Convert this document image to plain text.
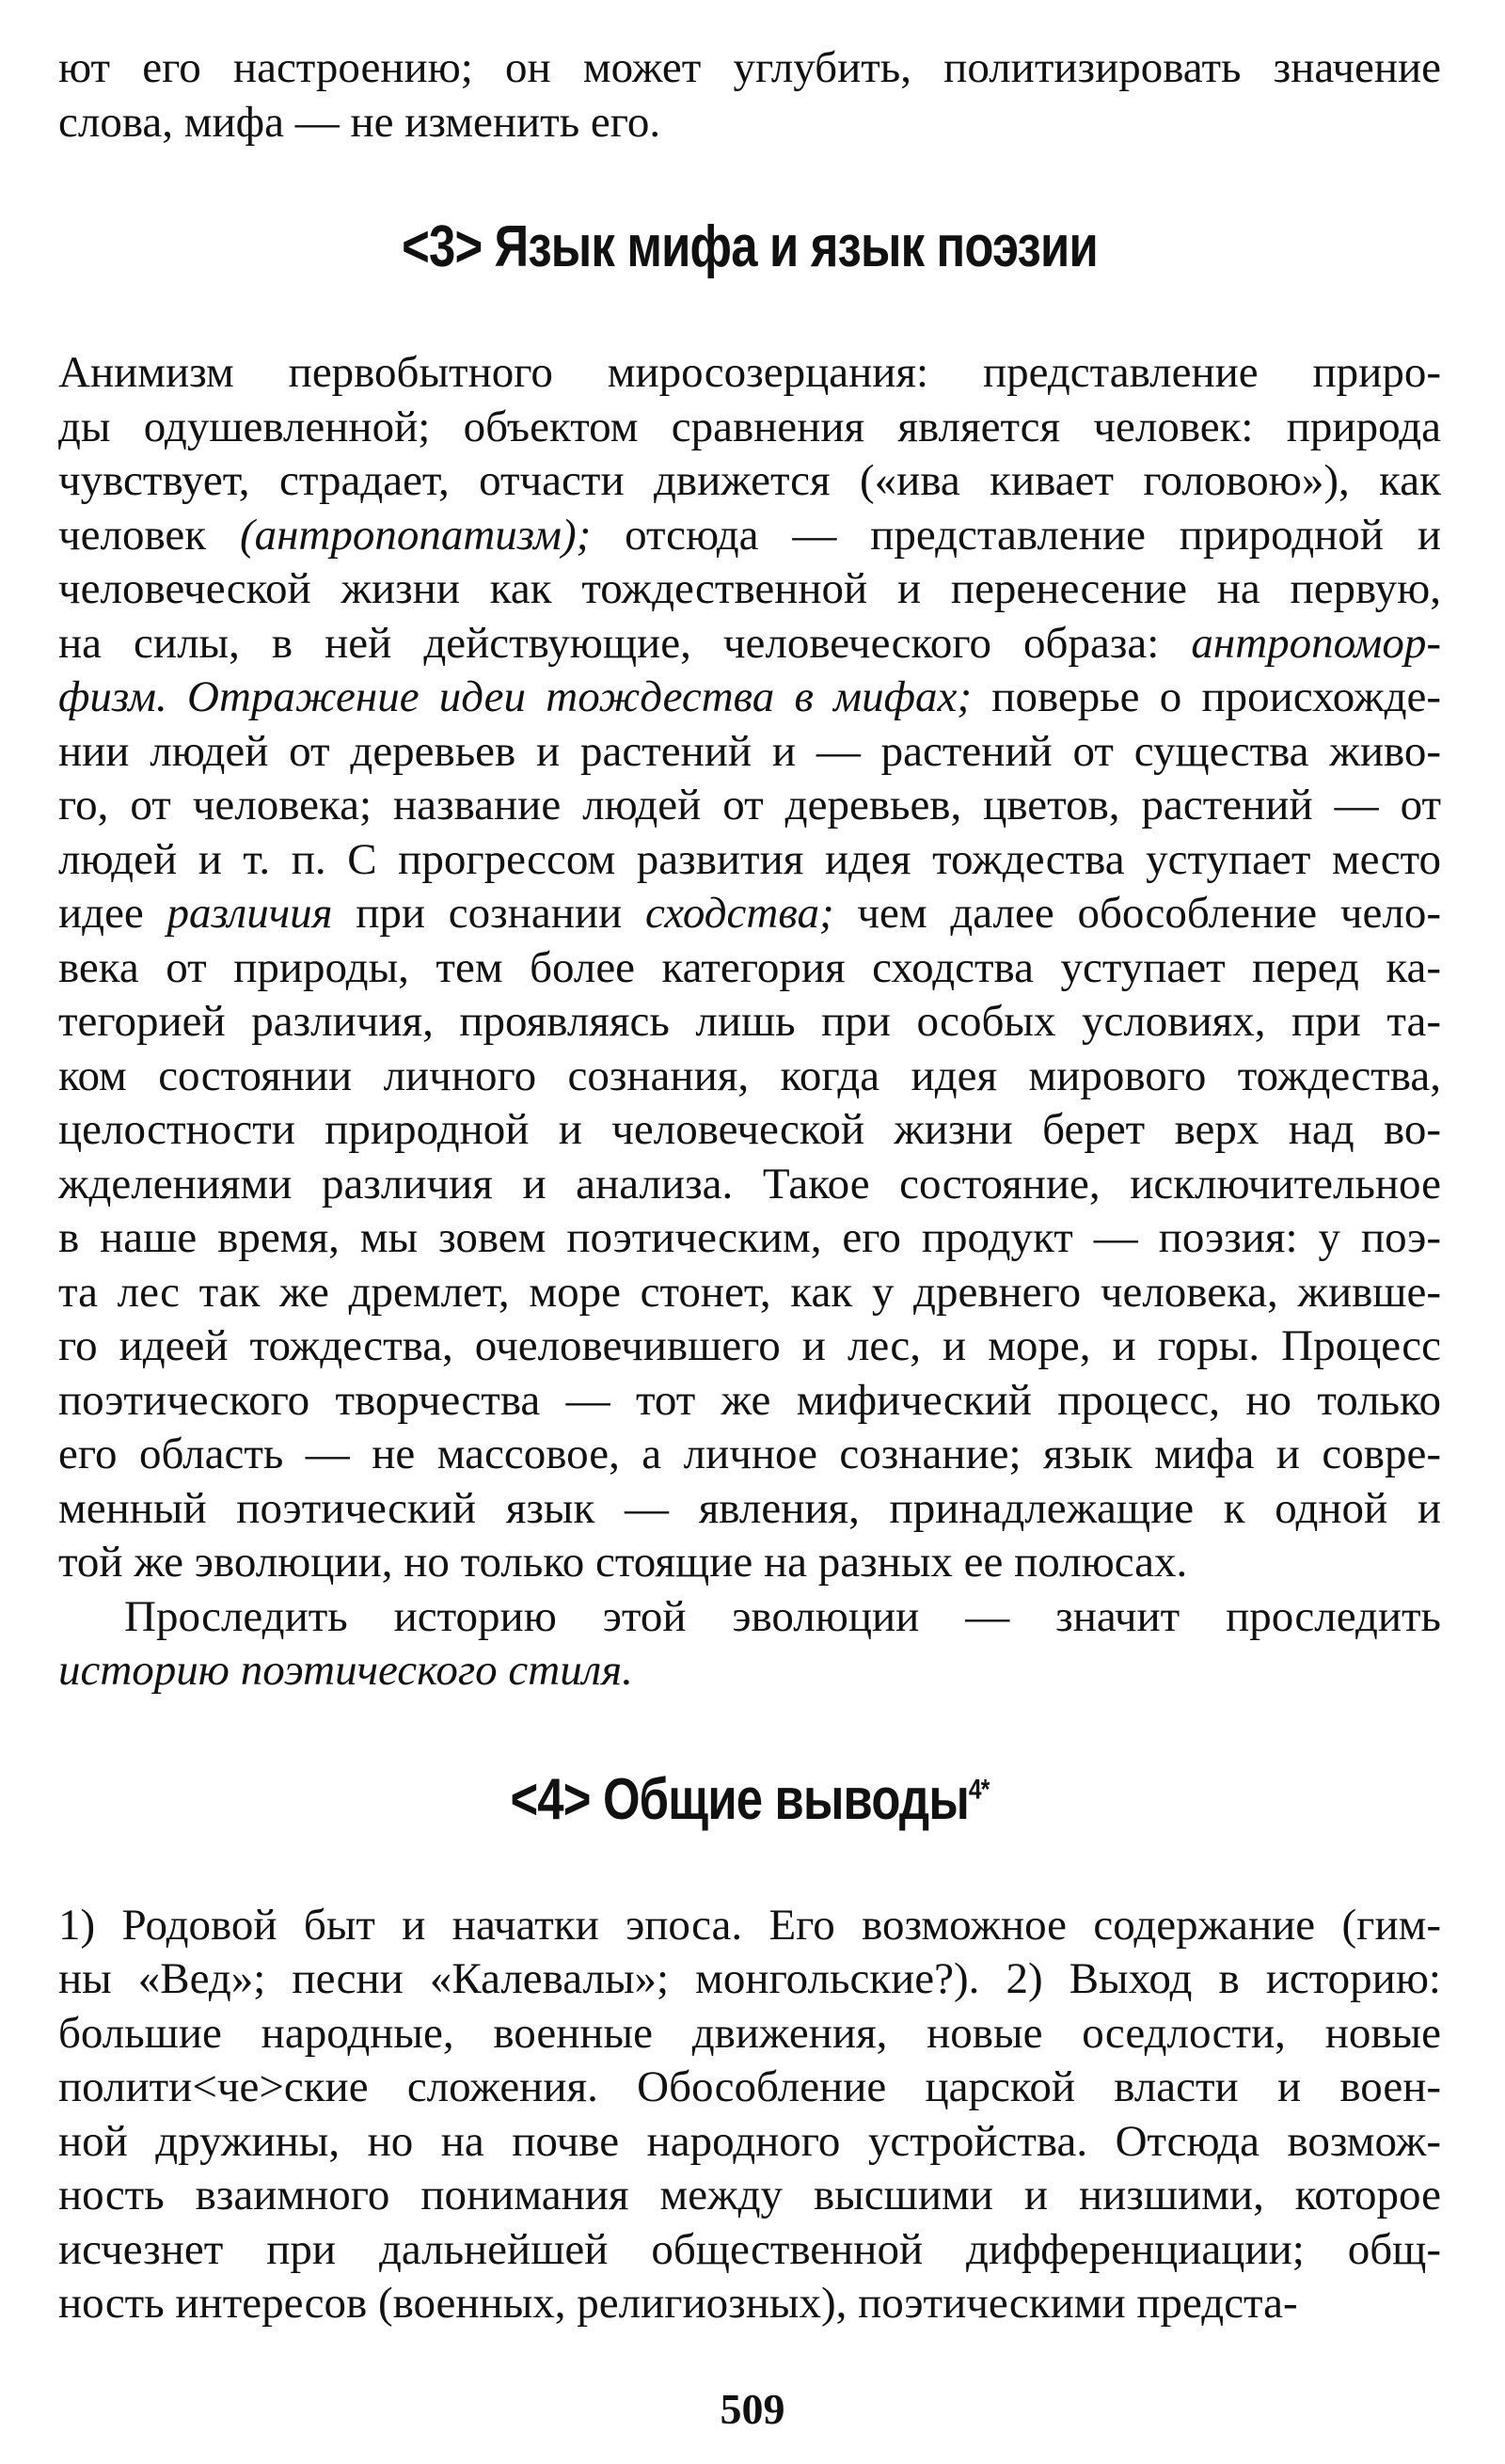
ют его настроению; он может углубить, политизировать значение
слова, мифа — не изменить его.
<3> Язык мифа и язык поэзии
Анимизм первобытного миросозерцания: представление приро-
ды одушевленной; объектом сравнения является человек: природа
чувствует, страдает, отчасти движется («ива кивает головою»), как
человек (антропопатизм); отсюда — представление природной и
человеческой жизни как тождественной и перенесение на первую,
на силы, в ней действующие, человеческого образа: антропомор-
физм. Отражение идеи тождества в мифах; поверье о происхожде-
нии людей от деревьев и растений и — растений от существа живо-
го, от человека; название людей от деревьев, цветов, растений — от
людей и т. п. С прогрессом развития идея тождества уступает место
идее различия при сознании сходства; чем далее обособление чело-
века от природы, тем более категория сходства уступает перед ка-
тегорией различия, проявляясь лишь при особых условиях, при та-
ком состоянии личного сознания, когда идея мирового тождества,
целостности природной и человеческой жизни берет верх над во-
жделениями различия и анализа. Такое состояние, исключительное
в наше время, мы зовем поэтическим, его продукт — поэзия: у поэ-
та лес так же дремлет, море стонет, как у древнего человека, живше-
го идеей тождества, очеловечившего и лес, и море, и горы. Процесс
поэтического творчества — тот же мифический процесс, но только
его область — не массовое, а личное сознание; язык мифа и совре-
менный поэтический язык — явления, принадлежащие к одной и
той же эволюции, но только стоящие на разных ее полюсах.
Проследить историю этой эволюции — значит проследить
историю поэтического стиля.
<4> Общие выводы$^{4*}$
1) Родовой быт и начатки эпоса. Его возможное содержание (гим-
ны «Вед»; песни «Калевалы»; монгольские?). 2) Выход в историю:
большие народные, военные движения, новые оседлости, новые
полити<че>ские сложения. Обособление царской власти и воен-
ной дружины, но на почве народного устройства. Отсюда возмож-
ность взаимного понимания между высшими и низшими, которое
исчезнет при дальнейшей общественной дифференциации; общ-
ность интересов (военных, религиозных), поэтическими предста-
509
